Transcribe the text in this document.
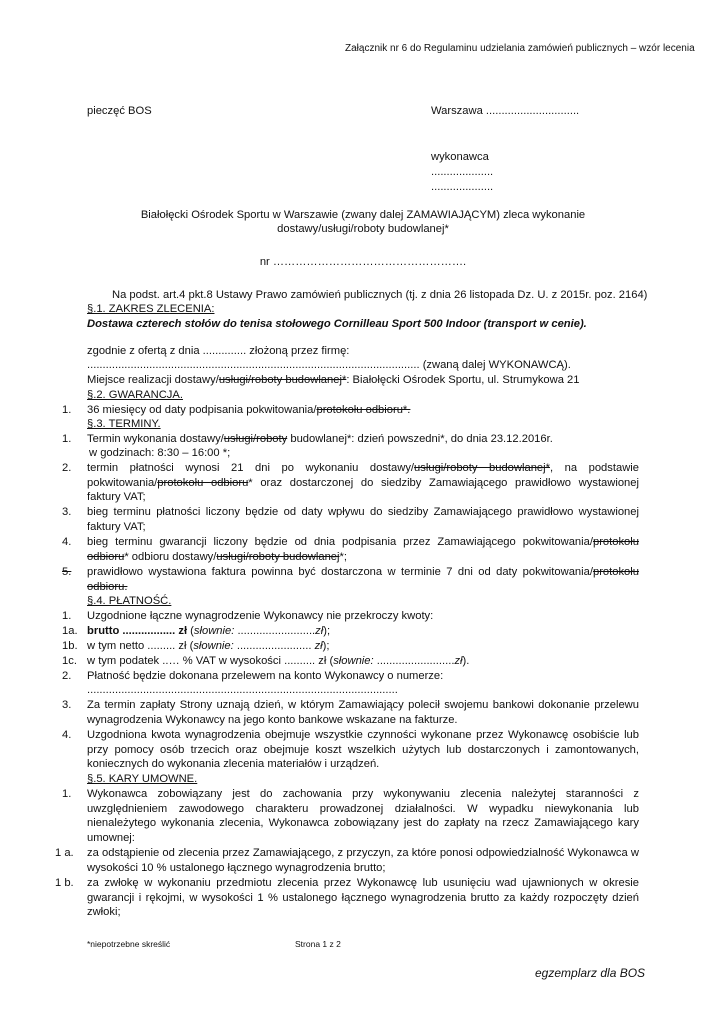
Załącznik nr 6 do Regulaminu udzielania zamówień publicznych – wzór lecenia
pieczęć BOS	Warszawa ..............................
wykonawca
....................
....................
Białołęcki Ośrodek Sportu w Warszawie (zwany dalej ZAMAWIAJĄCYM) zleca wykonanie
dostawy/usługi/roboty budowlanej*
nr …………………………………………….
Na podst. art.4 pkt.8 Ustawy Prawo zamówień publicznych (tj. z dnia 26 listopada Dz. U. z 2015r. poz. 2164)
§.1. ZAKRES ZLECENIA:
Dostawa czterech stołów do tenisa stołowego Cornilleau Sport 500 Indoor (transport w cenie).
zgodnie z ofertą z dnia .............. złożoną przez firmę:
........................................................................................................... (zwaną dalej WYKONAWCĄ).
Miejsce realizacji dostawy/usługi/roboty budowlanej*: Białołęcki Ośrodek Sportu, ul. Strumykowa 21
§.2. GWARANCJA.
1. 36 miesięcy od daty podpisania pokwitowania/protokołu odbioru*.
§.3. TERMINY.
1. Termin wykonania dostawy/usługi/roboty budowlanej*: dzień powszedni*, do dnia 23.12.2016r.
w godzinach: 8:30 – 16:00 *;
2. termin płatności wynosi 21 dni po wykonaniu dostawy/usługi/roboty budowlanej*, na podstawie pokwitowania/protokołu odbioru* oraz dostarczonej do siedziby Zamawiającego prawidłowo wystawionej faktury VAT;
3. bieg terminu płatności liczony będzie od daty wpływu do siedziby Zamawiającego prawidłowo wystawionej faktury VAT;
4. bieg terminu gwarancji liczony będzie od dnia podpisania przez Zamawiającego pokwitowania/protokołu odbioru* odbioru dostawy/usługi/roboty budowlanej*;
5. prawidłowo wystawiona faktura powinna być dostarczona w terminie 7 dni od daty pokwitowania/protokołu odbioru.
§.4. PŁATNOŚĆ.
1. Uzgodnione łączne wynagrodzenie Wykonawcy nie przekroczy kwoty:
1a. brutto ................. zł (słownie: .........................zł);
1b. w tym netto ......... zł (słownie: ........................ zł);
1c. w tym podatek ..… % VAT w wysokości .......... zł (słownie: .........................zł).
2. Płatność będzie dokonana przelewem na konto Wykonawcy o numerze:
....................................................................................................
3. Za termin zapłaty Strony uznają dzień, w którym Zamawiający polecił swojemu bankowi dokonanie przelewu wynagrodzenia Wykonawcy na jego konto bankowe wskazane na fakturze.
4. Uzgodniona kwota wynagrodzenia obejmuje wszystkie czynności wykonane przez Wykonawcę osobiście lub przy pomocy osób trzecich oraz obejmuje koszt wszelkich użytych lub dostarczonych i zamontowanych, koniecznych do wykonania zlecenia materiałów i urządzeń.
§.5. KARY UMOWNE.
1. Wykonawca zobowiązany jest do zachowania przy wykonywaniu zlecenia należytej staranności z uwzględnieniem zawodowego charakteru prowadzonej działalności. W wypadku niewykonania lub nienależytego wykonania zlecenia, Wykonawca zobowiązany jest do zapłaty na rzecz Zamawiającego kary umownej:
1 a. za odstąpienie od zlecenia przez Zamawiającego, z przyczyn, za które ponosi odpowiedzialność Wykonawca w wysokości 10 % ustalonego łącznego wynagrodzenia brutto;
1 b. za zwłokę w wykonaniu przedmiotu zlecenia przez Wykonawcę lub usunięciu wad ujawnionych w okresie gwarancji i rękojmi, w wysokości 1 % ustalonego łącznego wynagrodzenia brutto za każdy rozpoczęty dzień zwłoki;
*niepotrzebne skreślić	Strona 1 z 2
egzemplarz dla BOS
